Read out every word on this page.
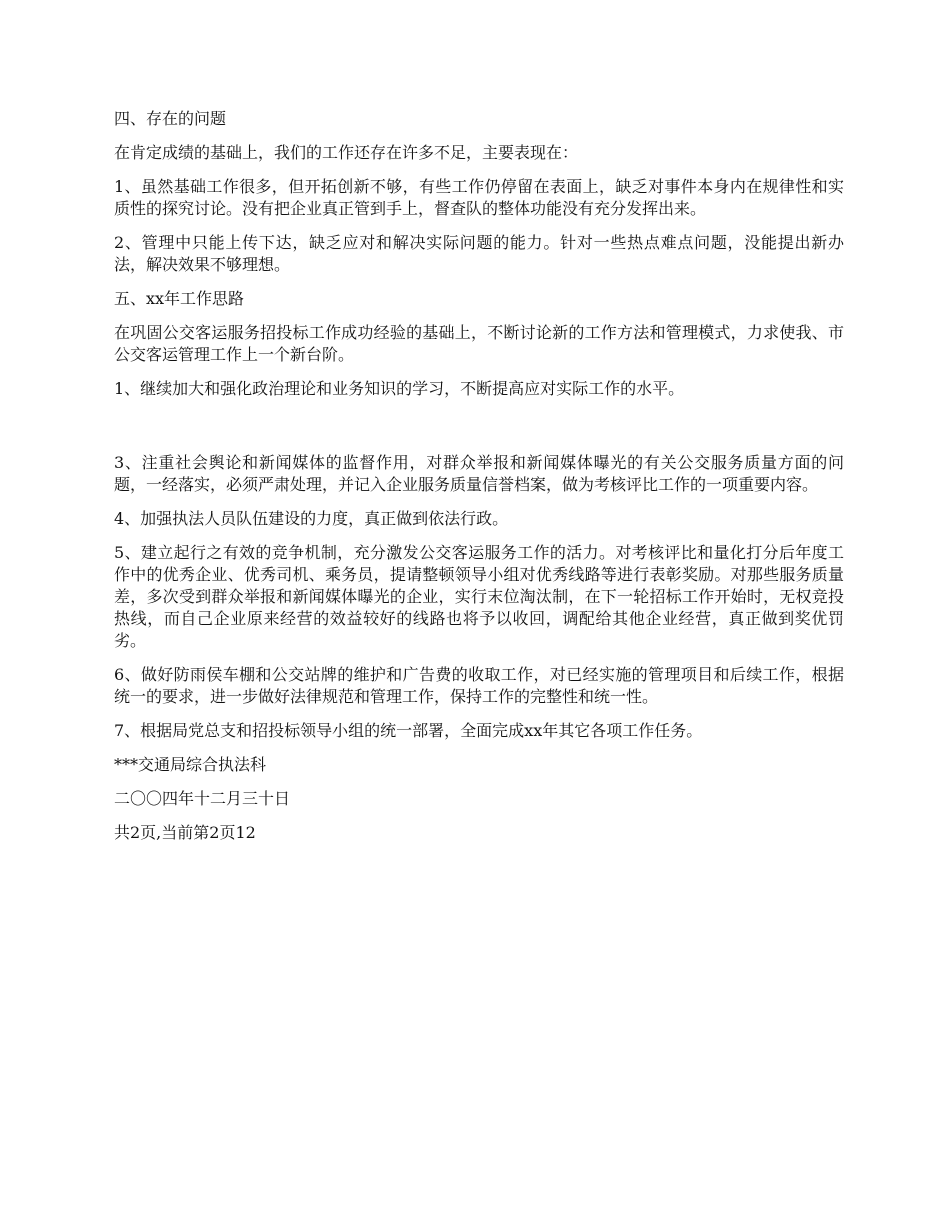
四、存在的问题

在肯定成绩的基础上，我们的工作还存在许多不足，主要表现在：

1、虽然基础工作很多，但开拓创新不够，有些工作仍停留在表面上，缺乏对事件本身内在规律性和实质性的探究讨论。没有把企业真正管到手上，督查队的整体功能没有充分发挥出来。

2、管理中只能上传下达，缺乏应对和解决实际问题的能力。针对一些热点难点问题，没能提出新办法，解决效果不够理想。

五、xx年工作思路

在巩固公交客运服务招投标工作成功经验的基础上，不断讨论新的工作方法和管理模式，力求使我、市公交客运管理工作上一个新台阶。

1、继续加大和强化政治理论和业务知识的学习，不断提高应对实际工作的水平。

3、注重社会舆论和新闻媒体的监督作用，对群众举报和新闻媒体曝光的有关公交服务质量方面的问题，一经落实，必须严肃处理，并记入企业服务质量信誉档案，做为考核评比工作的一项重要内容。

4、加强执法人员队伍建设的力度，真正做到依法行政。

5、建立起行之有效的竞争机制，充分激发公交客运服务工作的活力。对考核评比和量化打分后年度工作中的优秀企业、优秀司机、乘务员，提请整顿领导小组对优秀线路等进行表彰奖励。对那些服务质量差，多次受到群众举报和新闻媒体曝光的企业，实行末位淘汰制，在下一轮招标工作开始时，无权竞投热线，而自己企业原来经营的效益较好的线路也将予以收回，调配给其他企业经营，真正做到奖优罚劣。

6、做好防雨侯车棚和公交站牌的维护和广告费的收取工作，对已经实施的管理项目和后续工作，根据统一的要求，进一步做好法律规范和管理工作，保持工作的完整性和统一性。

7、根据局党总支和招投标领导小组的统一部署，全面完成xx年其它各项工作任务。

***交通局综合执法科

二〇〇四年十二月三十日

共2页,当前第2页12
